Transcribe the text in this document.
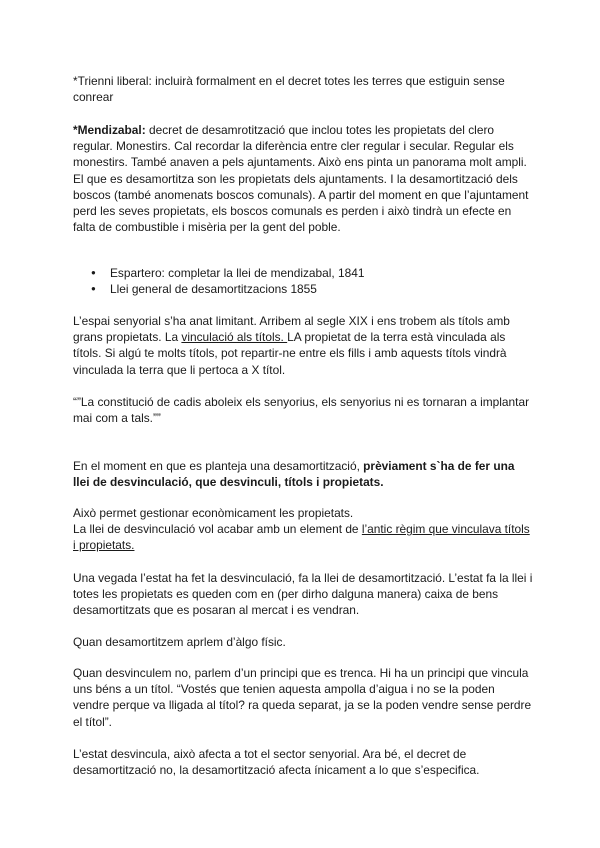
*Trienni liberal: incluirà formalment en el decret totes les terres que estiguin sense conrear

*Mendizabal: decret de desamrotització que inclou totes les propietats del clero regular. Monestirs. Cal recordar la diferència entre cler regular i secular. Regular els monestirs. També anaven a pels ajuntaments. Això ens pinta un panorama molt ampli. El que es desamortitza son les propietats dels ajuntaments. I la desamortització dels boscos (també anomenats boscos comunals). A partir del moment en que l’ajuntament perd les seves propietats, els boscos comunals es perden i això tindrà un efecte en falta de combustible i misèria per la gent del poble.

● Espartero: completar la llei de mendizabal, 1841
● Llei general de desamortitzacions 1855

L’espai senyorial s’ha anat limitant. Arribem al segle XIX i ens trobem als títols amb grans propietats. La vinculació als títols. LA propietat de la terra està vinculada als títols. Si algú te molts títols, pot repartir-ne entre els fills i amb aquests títols vindrà vinculada la terra que li pertoca a X títol.

“”La constitució de cadis aboleix els senyorius, els senyorius ni es tornaran a implantar mai com a tals.””

En el moment en que es planteja una desamortització, prèviament s`ha de fer una llei de desvinculació, que desvinculi, títols i propietats.

Això permet gestionar econòmicament les propietats.
La llei de desvinculació vol acabar amb un element de l’antic règim que vinculava títols i propietats.

Una vegada l’estat ha fet la desvinculació, fa la llei de desamortització. L’estat fa la llei i totes les propietats es queden com en (per dirho dalguna manera) caixa de bens desamortitzats que es posaran al mercat i es vendran.

Quan desamortitzem aprlem d’àlgo físic.

Quan desvinculem no, parlem d’un principi que es trenca. Hi ha un principi que vincula uns béns a un títol. “Vostés que tenien aquesta ampolla d’aigua i no se la poden vendre perque va lligada al títol? ra queda separat, ja se la poden vendre sense perdre el títol”.

L’estat desvincula, això afecta a tot el sector senyorial. Ara bé, el decret de desamortització no, la desamortització afecta ínicament a lo que s’especifica.
